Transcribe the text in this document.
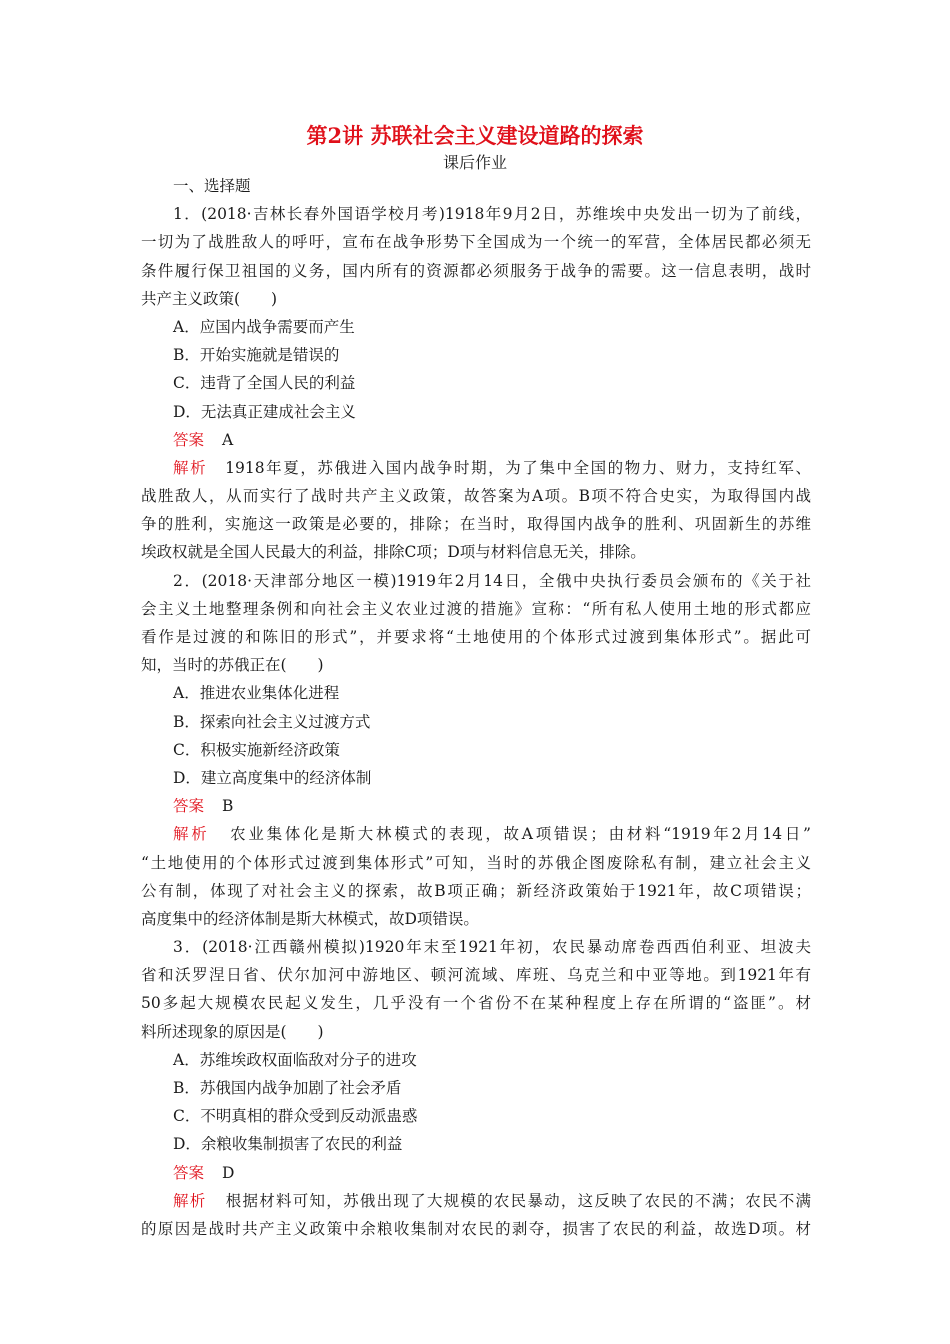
第2讲 苏联社会主义建设道路的探索
课后作业
一、选择题
1．(2018·吉林长春外国语学校月考)1918年9月2日，苏维埃中央发出一切为了前线，
一切为了战胜敌人的呼吁，宣布在战争形势下全国成为一个统一的军营，全体居民都必须无
条件履行保卫祖国的义务，国内所有的资源都必须服务于战争的需要。这一信息表明，战时
共产主义政策(　　)
A．应国内战争需要而产生
B．开始实施就是错误的
C．违背了全国人民的利益
D．无法真正建成社会主义
答案 A
解析 1918年夏，苏俄进入国内战争时期，为了集中全国的物力、财力，支持红军、
战胜敌人，从而实行了战时共产主义政策，故答案为A项。B项不符合史实，为取得国内战
争的胜利，实施这一政策是必要的，排除；在当时，取得国内战争的胜利、巩固新生的苏维
埃政权就是全国人民最大的利益，排除C项；D项与材料信息无关，排除。
2．(2018·天津部分地区一模)1919年2月14日，全俄中央执行委员会颁布的《关于社
会主义土地整理条例和向社会主义农业过渡的措施》宣称：“所有私人使用土地的形式都应
看作是过渡的和陈旧的形式”，并要求将“土地使用的个体形式过渡到集体形式”。据此可
知，当时的苏俄正在(　　)
A．推进农业集体化进程
B．探索向社会主义过渡方式
C．积极实施新经济政策
D．建立高度集中的经济体制
答案 B
解析 农业集体化是斯大林模式的表现，故A项错误；由材料“1919年2月14日”
“土地使用的个体形式过渡到集体形式”可知，当时的苏俄企图废除私有制，建立社会主义
公有制，体现了对社会主义的探索，故B项正确；新经济政策始于1921年，故C项错误；
高度集中的经济体制是斯大林模式，故D项错误。
3．(2018·江西赣州模拟)1920年末至1921年初，农民暴动席卷西西伯利亚、坦波夫
省和沃罗涅日省、伏尔加河中游地区、顿河流域、库班、乌克兰和中亚等地。到1921年有
50多起大规模农民起义发生，几乎没有一个省份不在某种程度上存在所谓的“盗匪”。材
料所述现象的原因是(　　)
A．苏维埃政权面临敌对分子的进攻
B．苏俄国内战争加剧了社会矛盾
C．不明真相的群众受到反动派蛊惑
D．余粮收集制损害了农民的利益
答案 D
解析 根据材料可知，苏俄出现了大规模的农民暴动，这反映了农民的不满；农民不满
的原因是战时共产主义政策中余粮收集制对农民的剥夺，损害了农民的利益，故选D项。材
